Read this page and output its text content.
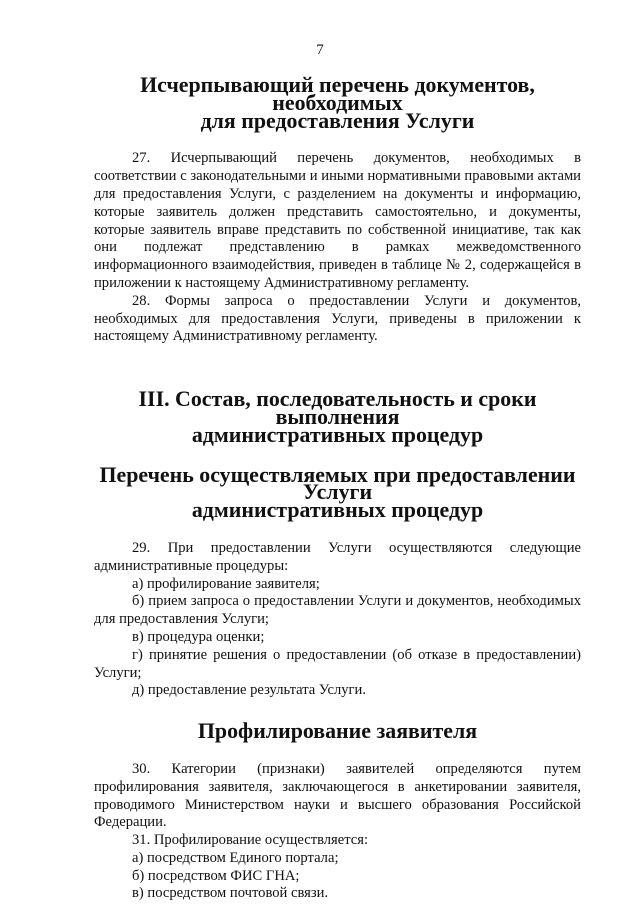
7
Исчерпывающий перечень документов, необходимых
для предоставления Услуги

27. Исчерпывающий перечень документов, необходимых в соответствии с законодательными и иными нормативными правовыми актами для предоставления Услуги, с разделением на документы и информацию, которые заявитель должен представить самостоятельно, и документы, которые заявитель вправе представить по собственной инициативе, так как они подлежат представлению в рамках межведомственного информационного взаимодействия, приведен в таблице № 2, содержащейся в приложении к настоящему Административному регламенту.

28. Формы запроса о предоставлении Услуги и документов, необходимых для предоставления Услуги, приведены в приложении к настоящему Административному регламенту.

III. Состав, последовательность и сроки выполнения
административных процедур
Перечень осуществляемых при предоставлении Услуги
административных процедур

29. При предоставлении Услуги осуществляются следующие административные процедуры:

а) профилирование заявителя;

б) прием запроса о предоставлении Услуги и документов, необходимых для предоставления Услуги;

в) процедура оценки;

г) принятие решения о предоставлении (об отказе в предоставлении) Услуги;

д) предоставление результата Услуги.

Профилирование заявителя

30. Категории (признаки) заявителей определяются путем профилирования заявителя, заключающегося в анкетировании заявителя, проводимого Министерством науки и высшего образования Российской Федерации.

31. Профилирование осуществляется:

а) посредством Единого портала;

б) посредством ФИС ГНА;

в) посредством почтовой связи.
